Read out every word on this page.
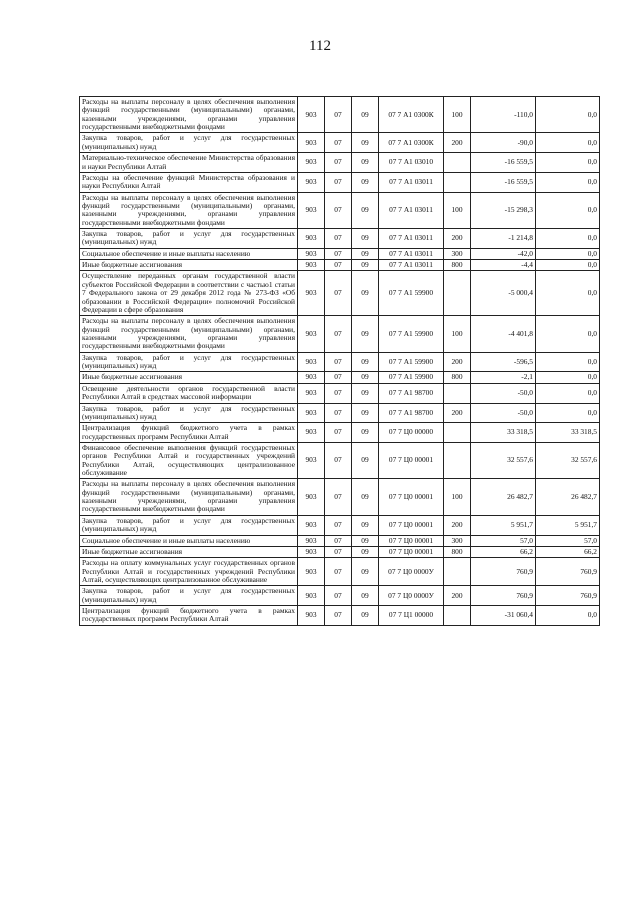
112
Расходы на выплаты персоналу в целях обеспечения выполнения функций государственными (муниципальными) органами, казенными учреждениями, органами управления государственными внебюджетными фондами	903	07	09	07 7 А1 0300К	100	-110,0	0,0
Закупка товаров, работ и услуг для государственных (муниципальных) нужд	903	07	09	07 7 А1 0300К	200	-90,0	0,0
Материально-техническое обеспечение Министерства образования и науки Республики Алтай	903	07	09	07 7 А1 03010		-16 559,5	0,0
Расходы на обеспечение функций Министерства образования и науки Республики Алтай	903	07	09	07 7 А1 03011		-16 559,5	0,0
Расходы на выплаты персоналу в целях обеспечения выполнения функций государственными (муниципальными) органами, казенными учреждениями, органами управления государственными внебюджетными фондами	903	07	09	07 7 А1 03011	100	-15 298,3	0,0
Закупка товаров, работ и услуг для государственных (муниципальных) нужд	903	07	09	07 7 А1 03011	200	-1 214,8	0,0
Социальное обеспечение и иные выплаты населению	903	07	09	07 7 А1 03011	300	-42,0	0,0
Иные бюджетные ассигнования	903	07	09	07 7 А1 03011	800	-4,4	0,0
Осуществление переданных органам государственной власти субъектов Российской Федерации в соответствии с частью1 статьи 7 Федерального закона от 29 декабря 2012 года № 273-ФЗ «Об образовании в Российской Федерации» полномочий Российской Федерации в сфере образования	903	07	09	07 7 А1 59900		-5 000,4	0,0
Расходы на выплаты персоналу в целях обеспечения выполнения функций государственными (муниципальными) органами, казенными учреждениями, органами управления государственными внебюджетными фондами	903	07	09	07 7 А1 59900	100	-4 401,8	0,0
Закупка товаров, работ и услуг для государственных (муниципальных) нужд	903	07	09	07 7 А1 59900	200	-596,5	0,0
Иные бюджетные ассигнования	903	07	09	07 7 А1 59900	800	-2,1	0,0
Освещение деятельности органов государственной власти Республики Алтай в средствах массовой информации	903	07	09	07 7 А1 98700		-50,0	0,0
Закупка товаров, работ и услуг для государственных (муниципальных) нужд	903	07	09	07 7 А1 98700	200	-50,0	0,0
Централизация функций бюджетного учета в рамках государственных программ Республики Алтай	903	07	09	07 7 Ц0 00000		33 318,5	33 318,5
Финансовое обеспечение выполнения функций государственных органов Республики Алтай и государственных учреждений Республики Алтай, осуществляющих централизованное обслуживание	903	07	09	07 7 Ц0 00001		32 557,6	32 557,6
Расходы на выплаты персоналу в целях обеспечения выполнения функций государственными (муниципальными) органами, казенными учреждениями, органами управления государственными внебюджетными фондами	903	07	09	07 7 Ц0 00001	100	26 482,7	26 482,7
Закупка товаров, работ и услуг для государственных (муниципальных) нужд	903	07	09	07 7 Ц0 00001	200	5 951,7	5 951,7
Социальное обеспечение и иные выплаты населению	903	07	09	07 7 Ц0 00001	300	57,0	57,0
Иные бюджетные ассигнования	903	07	09	07 7 Ц0 00001	800	66,2	66,2
Расходы на оплату коммунальных услуг государственных органов Республики Алтай и государственных учреждений Республики Алтай, осуществляющих централизованное обслуживание	903	07	09	07 7 Ц0 0000У		760,9	760,9
Закупка товаров, работ и услуг для государственных (муниципальных) нужд	903	07	09	07 7 Ц0 0000У	200	760,9	760,9
Централизация функций бюджетного учета в рамках государственных программ Республики Алтай	903	07	09	07 7 Ц1 00000		-31 060,4	0,0
